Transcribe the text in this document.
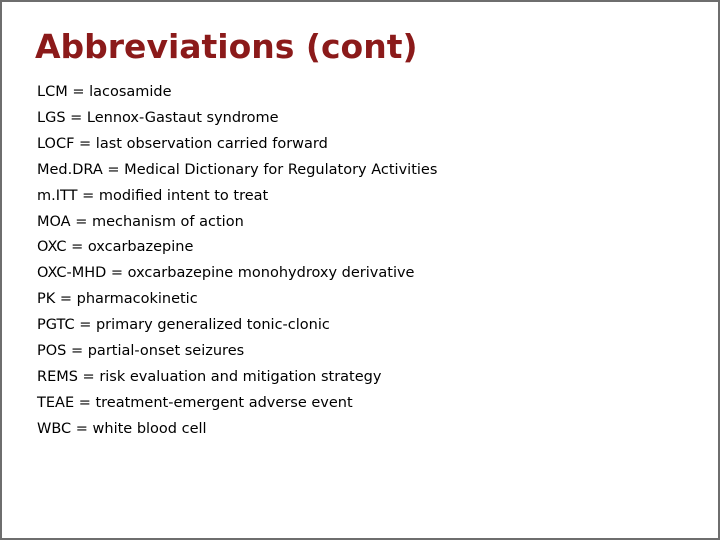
Abbreviations (cont)
LCM = lacosamide
LGS = Lennox-Gastaut syndrome
LOCF = last observation carried forward
Med.DRA = Medical Dictionary for Regulatory Activities
m.ITT = modified intent to treat
MOA = mechanism of action
OXC = oxcarbazepine
OXC-MHD = oxcarbazepine monohydroxy derivative
PK = pharmacokinetic
PGTC = primary generalized tonic-clonic
POS = partial-onset seizures
REMS = risk evaluation and mitigation strategy
TEAE = treatment-emergent adverse event
WBC = white blood cell
